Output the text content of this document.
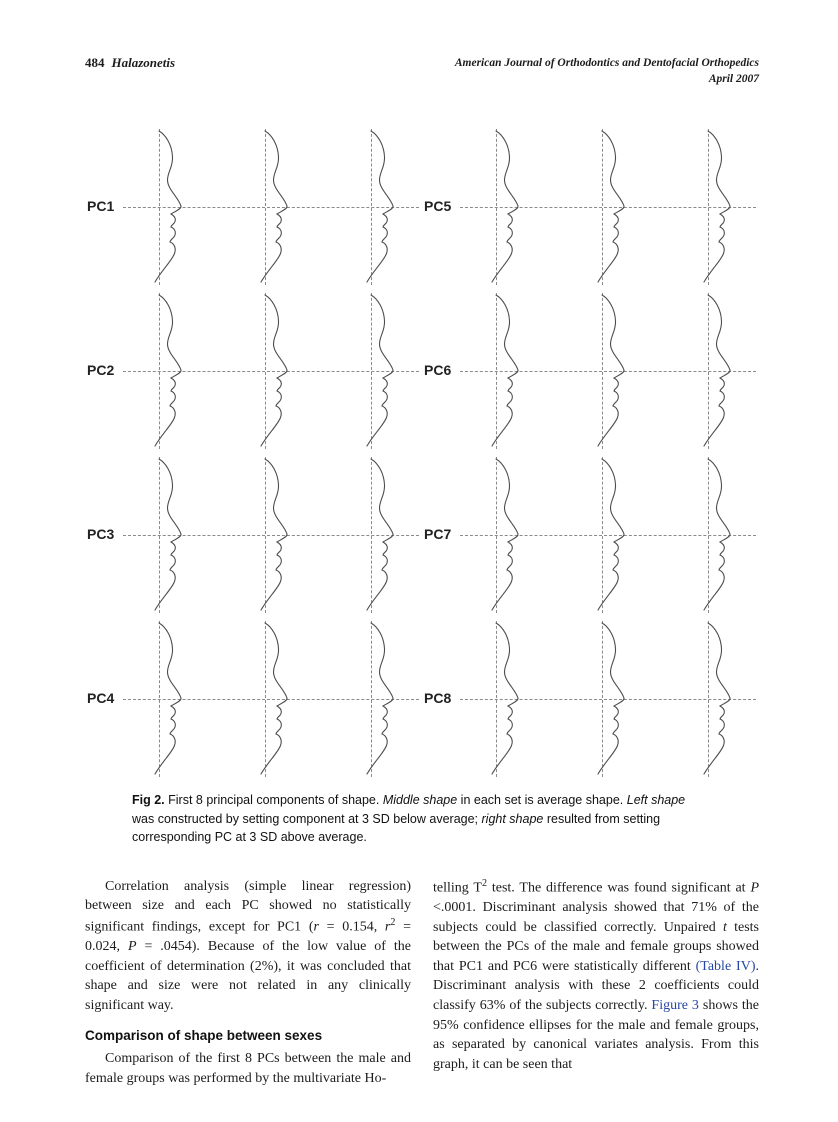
484 Halazonetis	American Journal of Orthodontics and Dentofacial Orthopedics
April 2007
PC1
PC2
PC3
PC4
PC5
PC6
PC7
PC8

Fig 2. First 8 principal components of shape. Middle shape in each set is average shape. Left shape was constructed by setting component at 3 SD below average; right shape resulted from setting corresponding PC at 3 SD above average.

Correlation analysis (simple linear regression) between size and each PC showed no statistically significant findings, except for PC1 (r = 0.154, $r^2 = 0.024$, P = .0454). Because of the low value of the coefficient of determination (2%), it was concluded that shape and size were not related in any clinically significant way.

Comparison of shape between sexes

Comparison of the first 8 PCs between the male and female groups was performed by the multivariate Ho-

telling $T^2$ test. The difference was found significant at P <.0001. Discriminant analysis showed that 71% of the subjects could be classified correctly. Unpaired t tests between the PCs of the male and female groups showed that PC1 and PC6 were statistically different (Table IV). Discriminant analysis with these 2 coefficients could classify 63% of the subjects correctly. Figure 3 shows the 95% confidence ellipses for the male and female groups, as separated by canonical variates analysis. From this graph, it can be seen that
